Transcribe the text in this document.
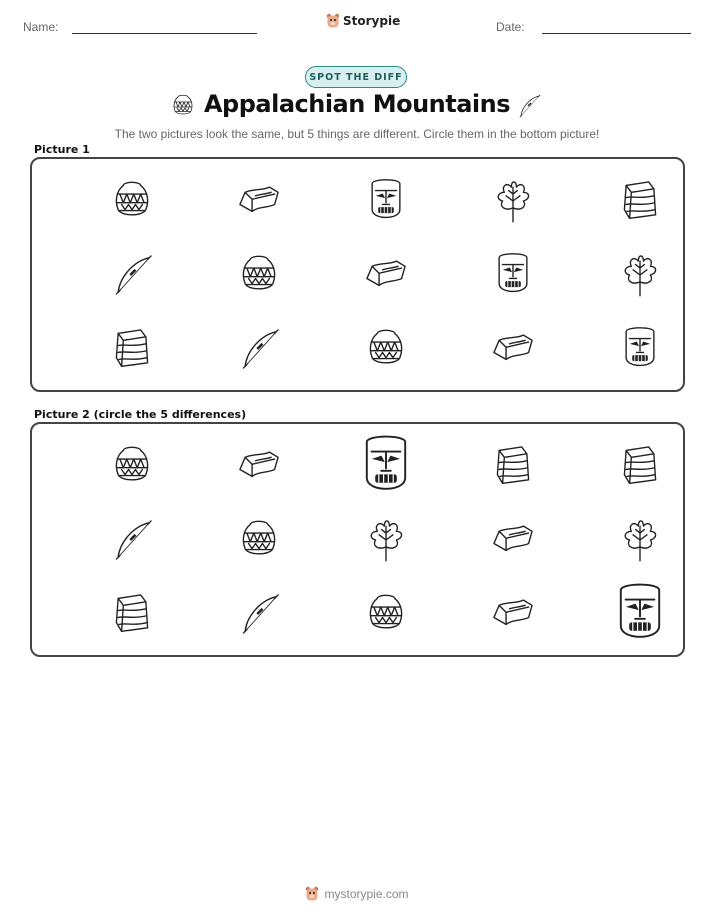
Name:	Storypie	Date:
SPOT THE DIFF
Appalachian Mountains
The two pictures look the same, but 5 things are different. Circle them in the bottom picture!
Picture 1
Picture 2 (circle the 5 differences)
mystorypie.com
